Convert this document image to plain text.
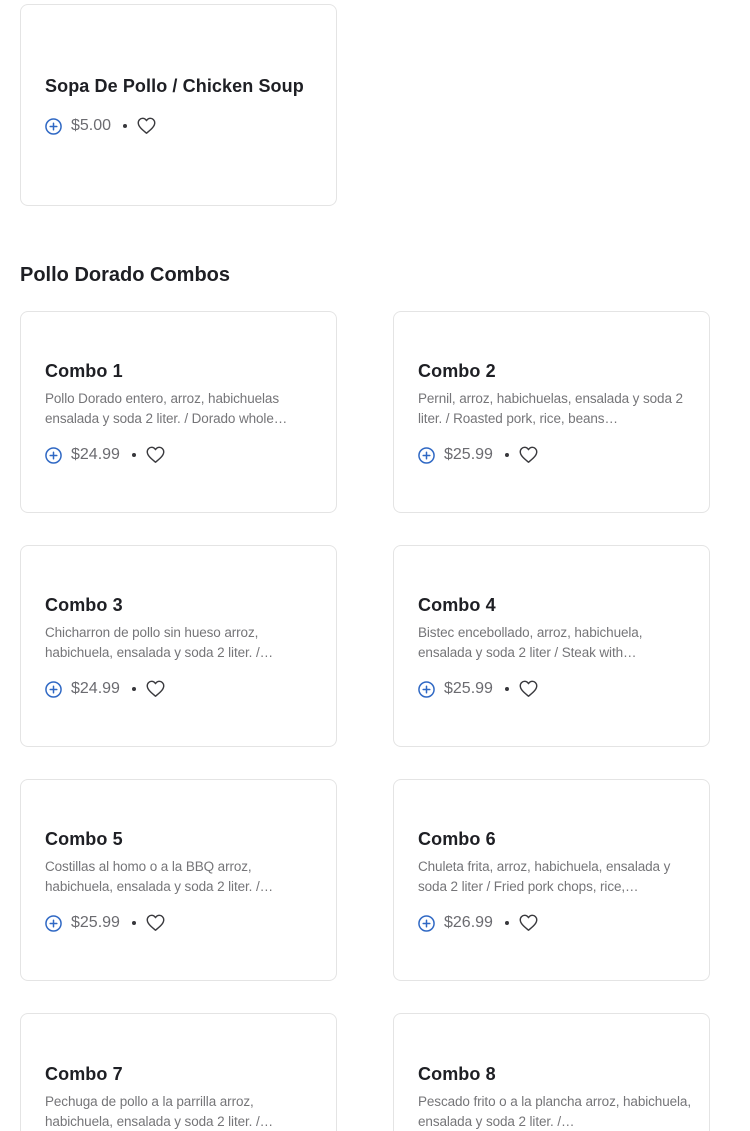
Sopa De Pollo / Chicken Soup
$5.00
Pollo Dorado Combos
Combo 1
Pollo Dorado entero, arroz, habichuelas ensalada y soda 2 liter. / Dorado whole…
$24.99
Combo 2
Pernil, arroz, habichuelas, ensalada y soda 2 liter. / Roasted pork, rice, beans…
$25.99
Combo 3
Chicharron de pollo sin hueso arroz, habichuela, ensalada y soda 2 liter. /…
$24.99
Combo 4
Bistec encebollado, arroz, habichuela, ensalada y soda 2 liter / Steak with…
$25.99
Combo 5
Costillas al homo o a la BBQ arroz, habichuela, ensalada y soda 2 liter. /…
$25.99
Combo 6
Chuleta frita, arroz, habichuela, ensalada y soda 2 liter / Fried pork chops, rice,…
$26.99
Combo 7
Pechuga de pollo a la parrilla arroz, habichuela, ensalada y soda 2 liter. /…
Combo 8
Pescado frito o a la plancha arroz, habichuela, ensalada y soda 2 liter. /…
